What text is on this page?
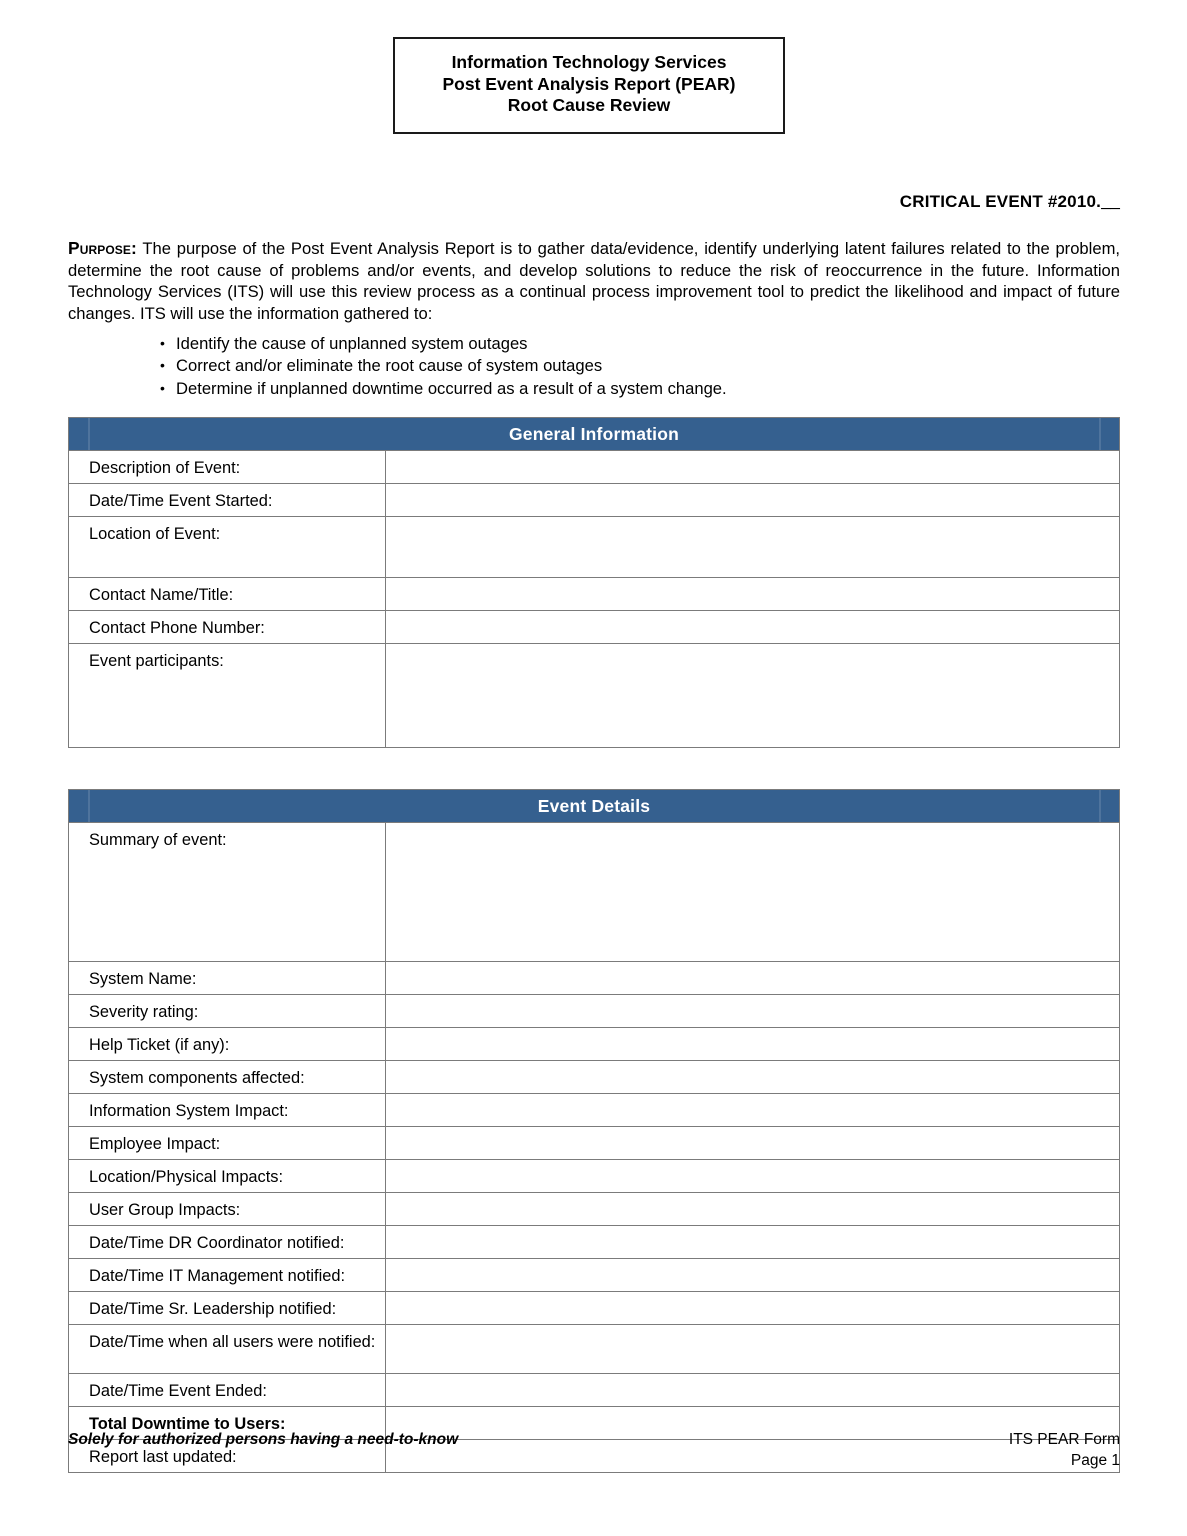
Information Technology Services
Post Event Analysis Report (PEAR)
Root Cause Review
CRITICAL EVENT #2010.__
Purpose: The purpose of the Post Event Analysis Report is to gather data/evidence, identify underlying latent failures related to the problem, determine the root cause of problems and/or events, and develop solutions to reduce the risk of reoccurrence in the future. Information Technology Services (ITS) will use this review process as a continual process improvement tool to predict the likelihood and impact of future changes. ITS will use the information gathered to:
• Identify the cause of unplanned system outages
• Correct and/or eliminate the root cause of system outages
• Determine if unplanned downtime occurred as a result of a system change.
General Information	

Description of Event:	

Date/Time Event Started:	

Location of Event:	

Contact Name/Title:	

Contact Phone Number:	

Event participants:	

Event Details	

Summary of event:	

System Name:	

Severity rating:	

Help Ticket (if any):	

System components affected:	

Information System Impact:	

Employee Impact:	

Location/Physical Impacts:	

User Group Impacts:	

Date/Time DR Coordinator notified:	

Date/Time IT Management notified:	

Date/Time Sr. Leadership notified:	

Date/Time when all users were notified:	

Date/Time Event Ended:	

Total Downtime to Users:	

Report last updated:	

Solely for authorized persons having a need-to-know	ITS PEAR Form
Page 1
